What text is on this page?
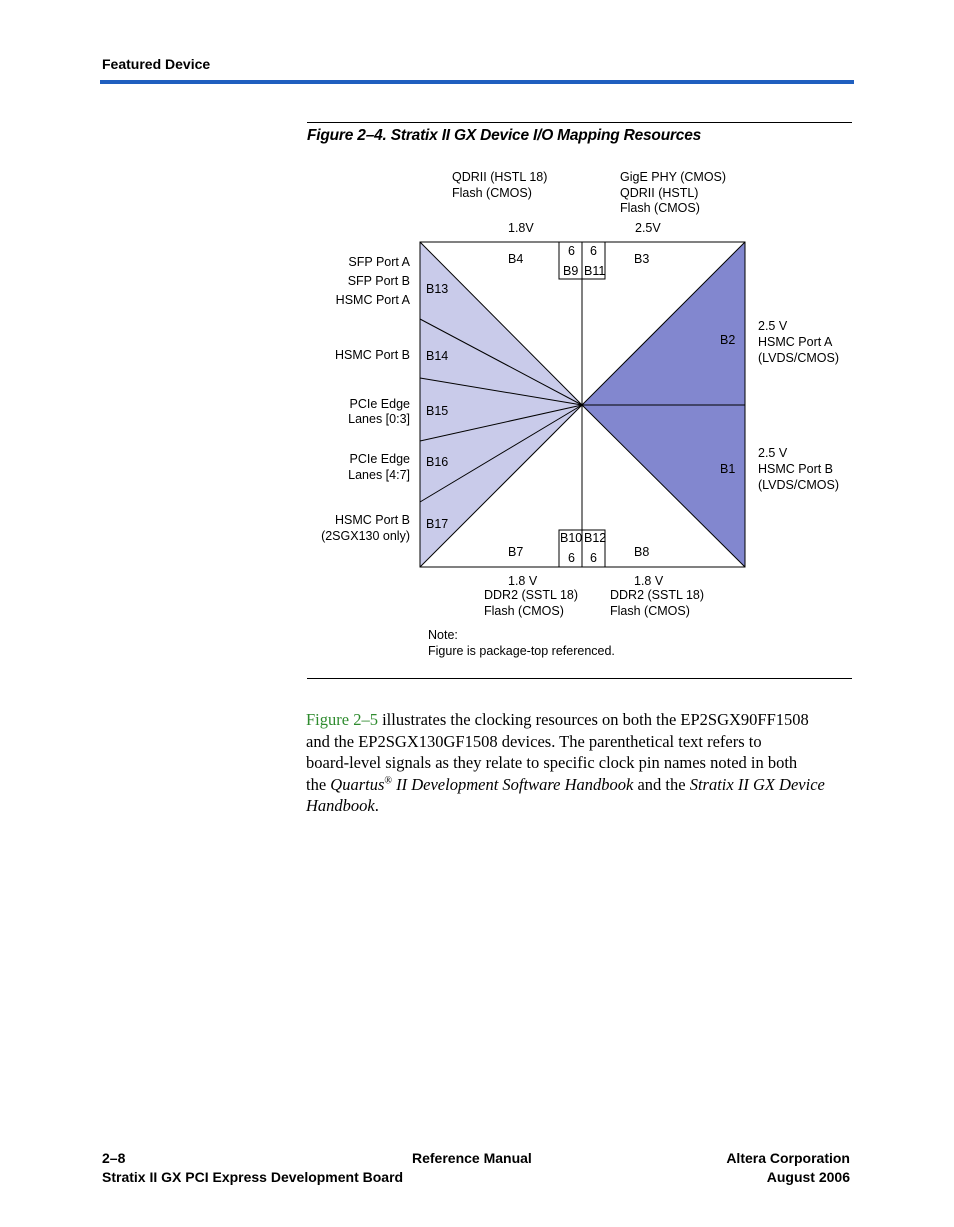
Featured Device
Figure 2–4. Stratix II GX Device I/O Mapping Resources
QDRII (HSTL 18)
Flash (CMOS)
GigE PHY (CMOS)
QDRII (HSTL)
Flash (CMOS)
1.8V	2.5V
B4	B3
6 6
B9 B11
B13
B14
B15
B16
B17
B2
B1
B10 B12
6 6
B7	B8
SFP Port A
SFP Port B
HSMC Port A
HSMC Port B
PCIe Edge
Lanes [0:3]
PCIe Edge
Lanes [4:7]
HSMC Port B
(2SGX130 only)
2.5 V
HSMC Port A
(LVDS/CMOS)
2.5 V
HSMC Port B
(LVDS/CMOS)
1.8 V
DDR2 (SSTL 18)
Flash (CMOS)
1.8 V
DDR2 (SSTL 18)
Flash (CMOS)
Note:
Figure is package-top referenced.
Figure 2–5 illustrates the clocking resources on both the EP2SGX90FF1508
and the EP2SGX130GF1508 devices. The parenthetical text refers to
board-level signals as they relate to specific clock pin names noted in both
the Quartus® II Development Software Handbook and the Stratix II GX Device
Handbook.
2–8	Reference Manual	Altera Corporation
Stratix II GX PCI Express Development Board	August 2006
